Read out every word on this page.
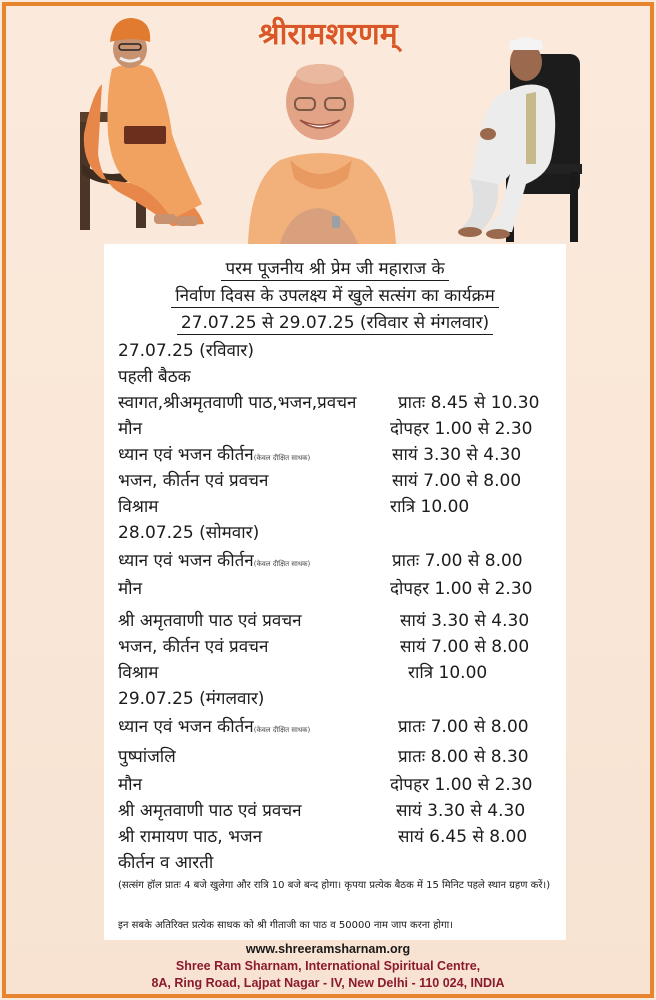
श्रीरामशरणम्
परम पूजनीय श्री प्रेम जी महाराज के
निर्वाण दिवस के उपलक्ष्य में खुले सत्संग का कार्यक्रम
27.07.25 से 29.07.25 (रविवार से मंगलवार)
27.07.25 (रविवार)
पहली बैठक
स्वागत,श्रीअमृतवाणी पाठ,भजन,प्रवचन प्रातः 8.45 से 10.30
मौन	दोपहर 1.00 से 2.30
ध्यान एवं भजन कीर्तन(केवल दीक्षित साधक)	सायं 3.30 से 4.30
भजन, कीर्तन एवं प्रवचन	सायं 7.00 से 8.00
विश्राम	रात्रि 10.00
28.07.25 (सोमवार)
ध्यान एवं भजन कीर्तन(केवल दीक्षित साधक)	प्रातः 7.00 से 8.00
मौन	दोपहर 1.00 से 2.30
श्री अमृतवाणी पाठ एवं प्रवचन	सायं 3.30 से 4.30
भजन, कीर्तन एवं प्रवचन	सायं 7.00 से 8.00
विश्राम	रात्रि 10.00
29.07.25 (मंगलवार)
ध्यान एवं भजन कीर्तन(केवल दीक्षित साधक)	प्रातः 7.00 से 8.00
पुष्पांजलि	प्रातः 8.00 से 8.30
मौन	दोपहर 1.00 से 2.30
श्री अमृतवाणी पाठ एवं प्रवचन	सायं 3.30 से 4.30
श्री रामायण पाठ, भजन	सायं 6.45 से 8.00
कीर्तन व आरती
(सत्संग हॉल प्रातः 4 बजे खुलेगा और रात्रि 10 बजे बन्द होगा। कृपया प्रत्येक बैठक में 15 मिनिट पहले स्थान ग्रहण करें।)
इन सबके अतिरिक्त प्रत्येक साधक को श्री गीताजी का पाठ व 50000 नाम जाप करना होगा।
www.shreeramsharnam.org
Shree Ram Sharnam, International Spiritual Centre,
8A, Ring Road, Lajpat Nagar - IV, New Delhi - 110 024, INDIA
